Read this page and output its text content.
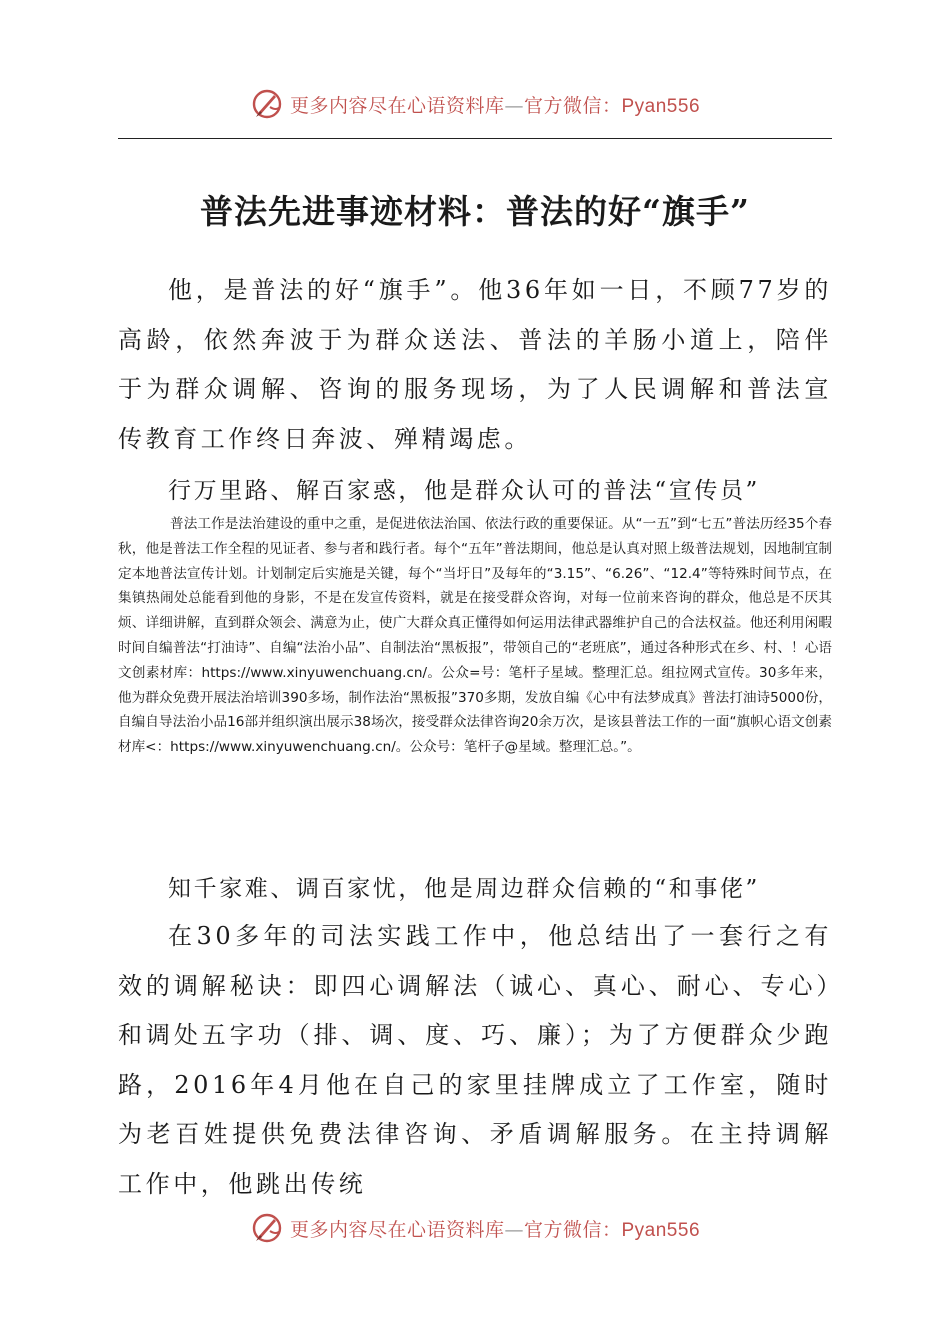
更多内容尽在心语资料库—官方微信：Pyan556
普法先进事迹材料：普法的好“旗手”

他，是普法的好“旗手”。他36年如一日，不顾77岁的高龄，依然奔波于为群众送法、普法的羊肠小道上，陪伴于为群众调解、咨询的服务现场，为了人民调解和普法宣传教育工作终日奔波、殚精竭虑。

行万里路、解百家惑，他是群众认可的普法“宣传员”

普法工作是法治建设的重中之重，是促进依法治国、依法行政的重要保证。从“一五”到“七五”普法历经35个春秋，他是普法工作全程的见证者、参与者和践行者。每个“五年”普法期间，他总是认真对照上级普法规划，因地制宜制定本地普法宣传计划。计划制定后实施是关键，每个“当圩日”及每年的“3.15”、“6.26”、“12.4”等特殊时间节点，在集镇热闹处总能看到他的身影，不是在发宣传资料，就是在接受群众咨询，对每一位前来咨询的群众，他总是不厌其烦、详细讲解，直到群众领会、满意为止，使广大群众真正懂得如何运用法律武器维护自己的合法权益。他还利用闲暇时间自编普法“打油诗”、自编“法治小品”、自制法治“黑板报”，带领自己的“老班底”，通过各种形式在乡、村、！心语文创素材库：https://www.xinyuwenchuang.cn/。公众=号：笔杆子星域。整理汇总。组拉网式宣传。30多年来，他为群众免费开展法治培训390多场，制作法治“黑板报”370多期，发放自编《心中有法梦成真》普法打油诗5000份，自编自导法治小品16部并组织演出展示38场次，接受群众法律咨询20余万次，是该县普法工作的一面“旗帜心语文创素材库<：https://www.xinyuwenchuang.cn/。公众号：笔杆子@星域。整理汇总。”。

知千家难、调百家忧，他是周边群众信赖的“和事佬”

在30多年的司法实践工作中，他总结出了一套行之有效的调解秘诀：即四心调解法（诚心、真心、耐心、专心）和调处五字功（排、调、度、巧、廉）；为了方便群众少跑路，2016年4月他在自己的家里挂牌成立了工作室，随时为老百姓提供免费法律咨询、矛盾调解服务。在主持调解工作中，他跳出传统

更多内容尽在心语资料库—官方微信：Pyan556
